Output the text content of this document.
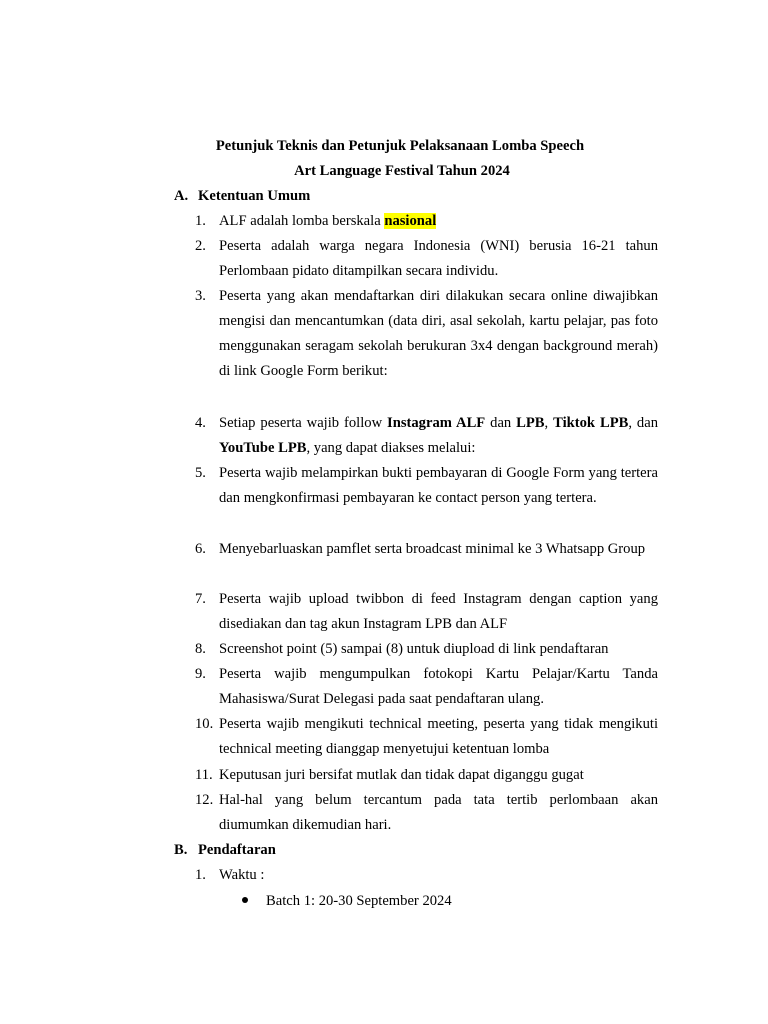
Petunjuk Teknis dan Petunjuk Pelaksanaan Lomba Speech
Art Language Festival Tahun 2024
A. Ketentuan Umum
1. ALF adalah lomba berskala nasional
2. Peserta adalah warga negara Indonesia (WNI) berusia 16-21 tahun Perlombaan pidato ditampilkan secara individu.
3. Peserta yang akan mendaftarkan diri dilakukan secara online diwajibkan mengisi dan mencantumkan (data diri, asal sekolah, kartu pelajar, pas foto menggunakan seragam sekolah berukuran 3x4 dengan background merah) di link Google Form berikut:
4. Setiap peserta wajib follow Instagram ALF dan LPB, Tiktok LPB, dan YouTube LPB, yang dapat diakses melalui:
5. Peserta wajib melampirkan bukti pembayaran di Google Form yang tertera dan mengkonfirmasi pembayaran ke contact person yang tertera.
6. Menyebarluaskan pamflet serta broadcast minimal ke 3 Whatsapp Group
7. Peserta wajib upload twibbon di feed Instagram dengan caption yang disediakan dan tag akun Instagram LPB dan ALF
8. Screenshot point (5) sampai (8) untuk diupload di link pendaftaran
9. Peserta wajib mengumpulkan fotokopi Kartu Pelajar/Kartu Tanda Mahasiswa/Surat Delegasi pada saat pendaftaran ulang.
10. Peserta wajib mengikuti technical meeting, peserta yang tidak mengikuti technical meeting dianggap menyetujui ketentuan lomba
11. Keputusan juri bersifat mutlak dan tidak dapat diganggu gugat
12. Hal-hal yang belum tercantum pada tata tertib perlombaan akan diumumkan dikemudian hari.
B. Pendaftaran
1. Waktu :
Batch 1: 20-30 September 2024
